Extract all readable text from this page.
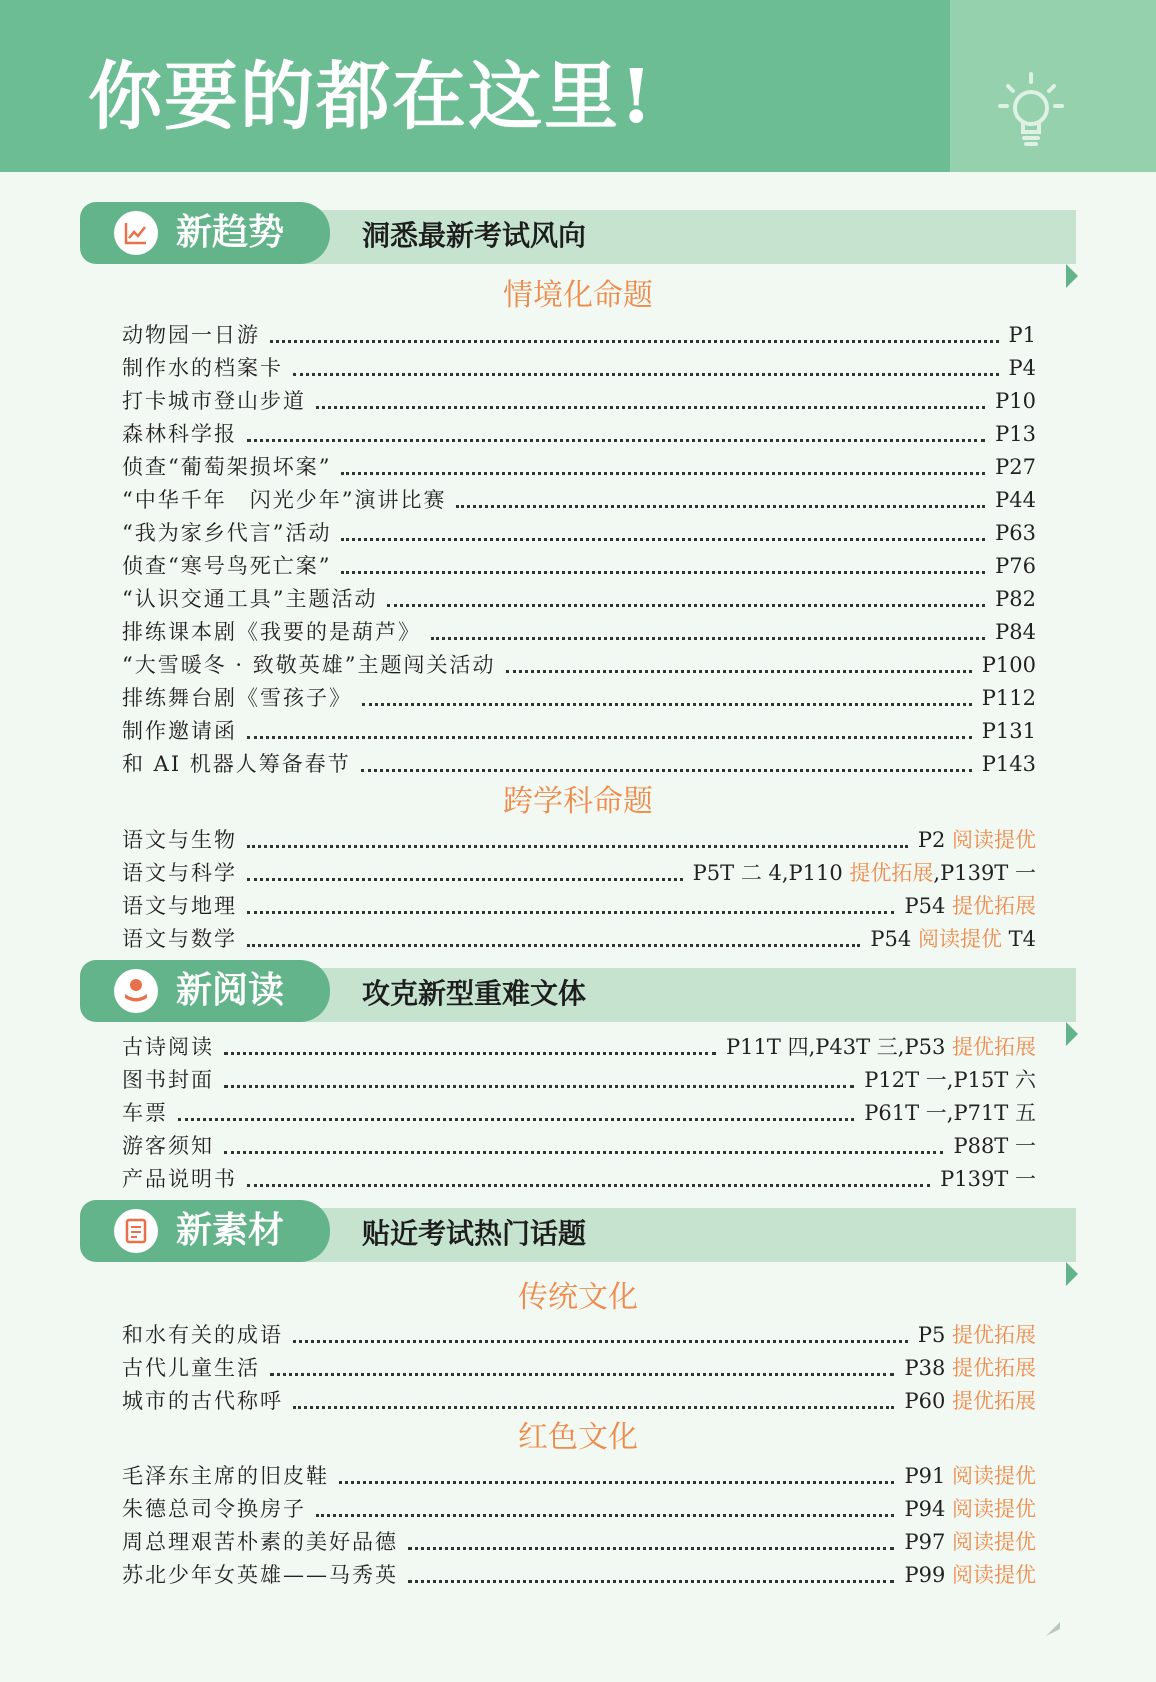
你要的都在这里!
新趋势	洞悉最新考试风向
情境化命题
动物园一日游	P1
制作水的档案卡	P4
打卡城市登山步道	P10
森林科学报	P13
侦查“葡萄架损坏案”	P27
“中华千年　闪光少年”演讲比赛	P44
“我为家乡代言”活动	P63
侦查“寒号鸟死亡案”	P76
“认识交通工具”主题活动	P82
排练课本剧《我要的是葫芦》	P84
“大雪暖冬 · 致敬英雄”主题闯关活动	P100
排练舞台剧《雪孩子》	P112
制作邀请函	P131
和 AI 机器人筹备春节	P143
跨学科命题
语文与生物	P2 阅读提优
语文与科学	P5T 二 4,P110 提优拓展,P139T 一
语文与地理	P54 提优拓展
语文与数学	P54 阅读提优 T4
新阅读	攻克新型重难文体
古诗阅读	P11T 四,P43T 三,P53 提优拓展
图书封面	P12T 一,P15T 六
车票	P61T 一,P71T 五
游客须知	P88T 一
产品说明书	P139T 一
新素材	贴近考试热门话题
传统文化
和水有关的成语	P5 提优拓展
古代儿童生活	P38 提优拓展
城市的古代称呼	P60 提优拓展
红色文化
毛泽东主席的旧皮鞋	P91 阅读提优
朱德总司令换房子	P94 阅读提优
周总理艰苦朴素的美好品德	P97 阅读提优
苏北少年女英雄——马秀英	P99 阅读提优
